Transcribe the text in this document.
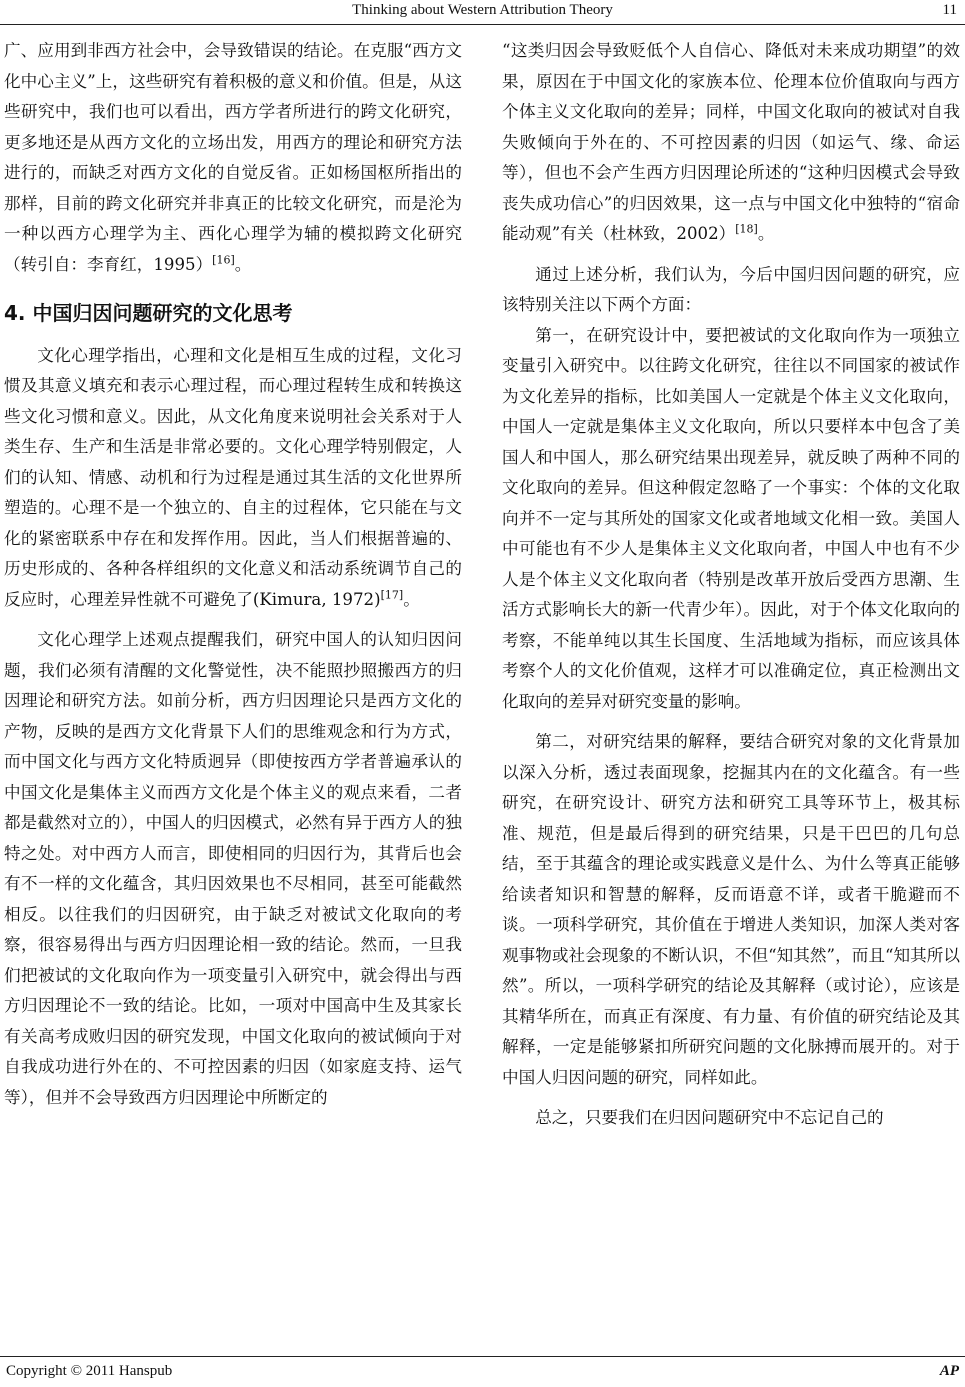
Thinking about Western Attribution Theory	11

广、应用到非西方社会中，会导致错误的结论。在克服“西方文化中心主义”上，这些研究有着积极的意义和价值。但是，从这些研究中，我们也可以看出，西方学者所进行的跨文化研究，更多地还是从西方文化的立场出发，用西方的理论和研究方法进行的，而缺乏对西方文化的自觉反省。正如杨国枢所指出的那样，目前的跨文化研究并非真正的比较文化研究，而是沦为一种以西方心理学为主、西化心理学为辅的模拟跨文化研究（转引自：李育红，1995）[16]。

4. 中国归因问题研究的文化思考

文化心理学指出，心理和文化是相互生成的过程，文化习惯及其意义填充和表示心理过程，而心理过程转生成和转换这些文化习惯和意义。因此，从文化角度来说明社会关系对于人类生存、生产和生活是非常必要的。文化心理学特别假定，人们的认知、情感、动机和行为过程是通过其生活的文化世界所塑造的。心理不是一个独立的、自主的过程体，它只能在与文化的紧密联系中存在和发挥作用。因此，当人们根据普遍的、历史形成的、各种各样组织的文化意义和活动系统调节自己的反应时，心理差异性就不可避免了(Kimura, 1972)[17]。

文化心理学上述观点提醒我们，研究中国人的认知归因问题，我们必须有清醒的文化警觉性，决不能照抄照搬西方的归因理论和研究方法。如前分析，西方归因理论只是西方文化的产物，反映的是西方文化背景下人们的思维观念和行为方式，而中国文化与西方文化特质迥异（即使按西方学者普遍承认的中国文化是集体主义而西方文化是个体主义的观点来看，二者都是截然对立的），中国人的归因模式，必然有异于西方人的独特之处。对中西方人而言，即使相同的归因行为，其背后也会有不一样的文化蕴含，其归因效果也不尽相同，甚至可能截然相反。以往我们的归因研究，由于缺乏对被试文化取向的考察，很容易得出与西方归因理论相一致的结论。然而，一旦我们把被试的文化取向作为一项变量引入研究中，就会得出与西方归因理论不一致的结论。比如，一项对中国高中生及其家长有关高考成败归因的研究发现，中国文化取向的被试倾向于对自我成功进行外在的、不可控因素的归因（如家庭支持、运气等），但并不会导致西方归因理论中所断定的

“这类归因会导致贬低个人自信心、降低对未来成功期望”的效果，原因在于中国文化的家族本位、伦理本位价值取向与西方个体主义文化取向的差异；同样，中国文化取向的被试对自我失败倾向于外在的、不可控因素的归因（如运气、缘、命运等），但也不会产生西方归因理论所述的“这种归因模式会导致丧失成功信心”的归因效果，这一点与中国文化中独特的“宿命能动观”有关（杜林致，2002）[18]。

通过上述分析，我们认为，今后中国归因问题的研究，应该特别关注以下两个方面：

第一，在研究设计中，要把被试的文化取向作为一项独立变量引入研究中。以往跨文化研究，往往以不同国家的被试作为文化差异的指标，比如美国人一定就是个体主义文化取向，中国人一定就是集体主义文化取向，所以只要样本中包含了美国人和中国人，那么研究结果出现差异，就反映了两种不同的文化取向的差异。但这种假定忽略了一个事实：个体的文化取向并不一定与其所处的国家文化或者地域文化相一致。美国人中可能也有不少人是集体主义文化取向者，中国人中也有不少人是个体主义文化取向者（特别是改革开放后受西方思潮、生活方式影响长大的新一代青少年）。因此，对于个体文化取向的考察，不能单纯以其生长国度、生活地域为指标，而应该具体考察个人的文化价值观，这样才可以准确定位，真正检测出文化取向的差异对研究变量的影响。

第二，对研究结果的解释，要结合研究对象的文化背景加以深入分析，透过表面现象，挖掘其内在的文化蕴含。有一些研究，在研究设计、研究方法和研究工具等环节上，极其标准、规范，但是最后得到的研究结果，只是干巴巴的几句总结，至于其蕴含的理论或实践意义是什么、为什么等真正能够给读者知识和智慧的解释，反而语意不详，或者干脆避而不谈。一项科学研究，其价值在于增进人类知识，加深人类对客观事物或社会现象的不断认识，不但“知其然”，而且“知其所以然”。所以，一项科学研究的结论及其解释（或讨论），应该是其精华所在，而真正有深度、有力量、有价值的研究结论及其解释，一定是能够紧扣所研究问题的文化脉搏而展开的。对于中国人归因问题的研究，同样如此。

总之，只要我们在归因问题研究中不忘记自己的

Copyright © 2011 Hanspub	AP
